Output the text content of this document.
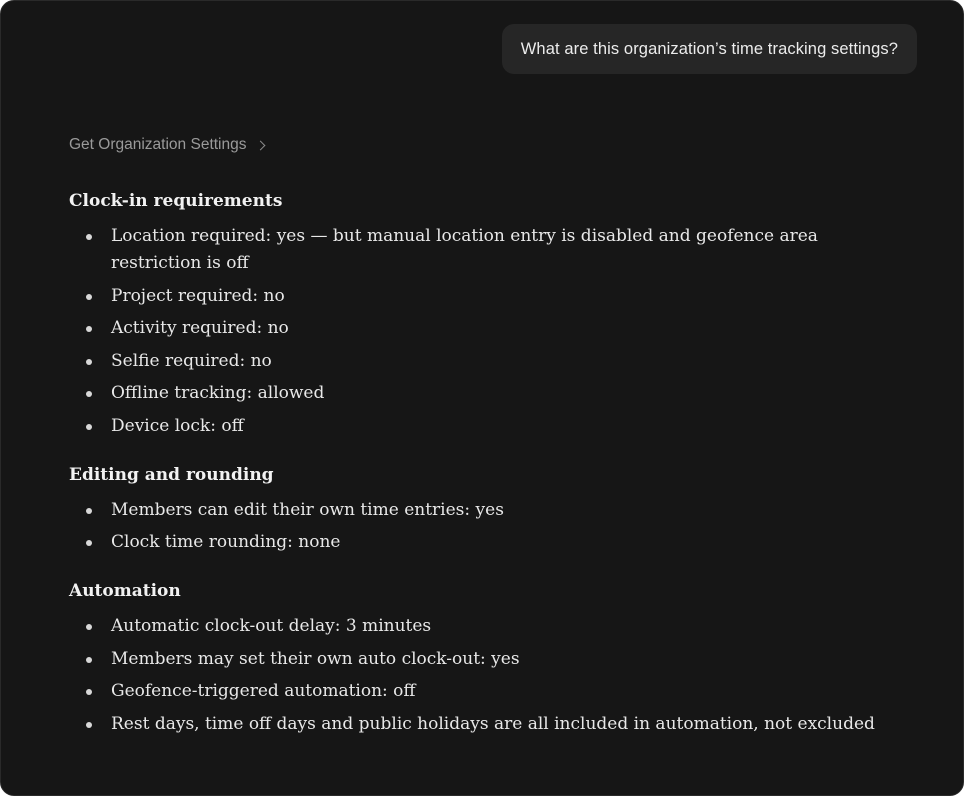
What are this organization’s time tracking settings?
Get Organization Settings
Clock-in requirements
Location required: yes — but manual location entry is disabled and geofence area restriction is off
Project required: no
Activity required: no
Selfie required: no
Offline tracking: allowed
Device lock: off
Editing and rounding
Members can edit their own time entries: yes
Clock time rounding: none
Automation
Automatic clock-out delay: 3 minutes
Members may set their own auto clock-out: yes
Geofence-triggered automation: off
Rest days, time off days and public holidays are all included in automation, not excluded
